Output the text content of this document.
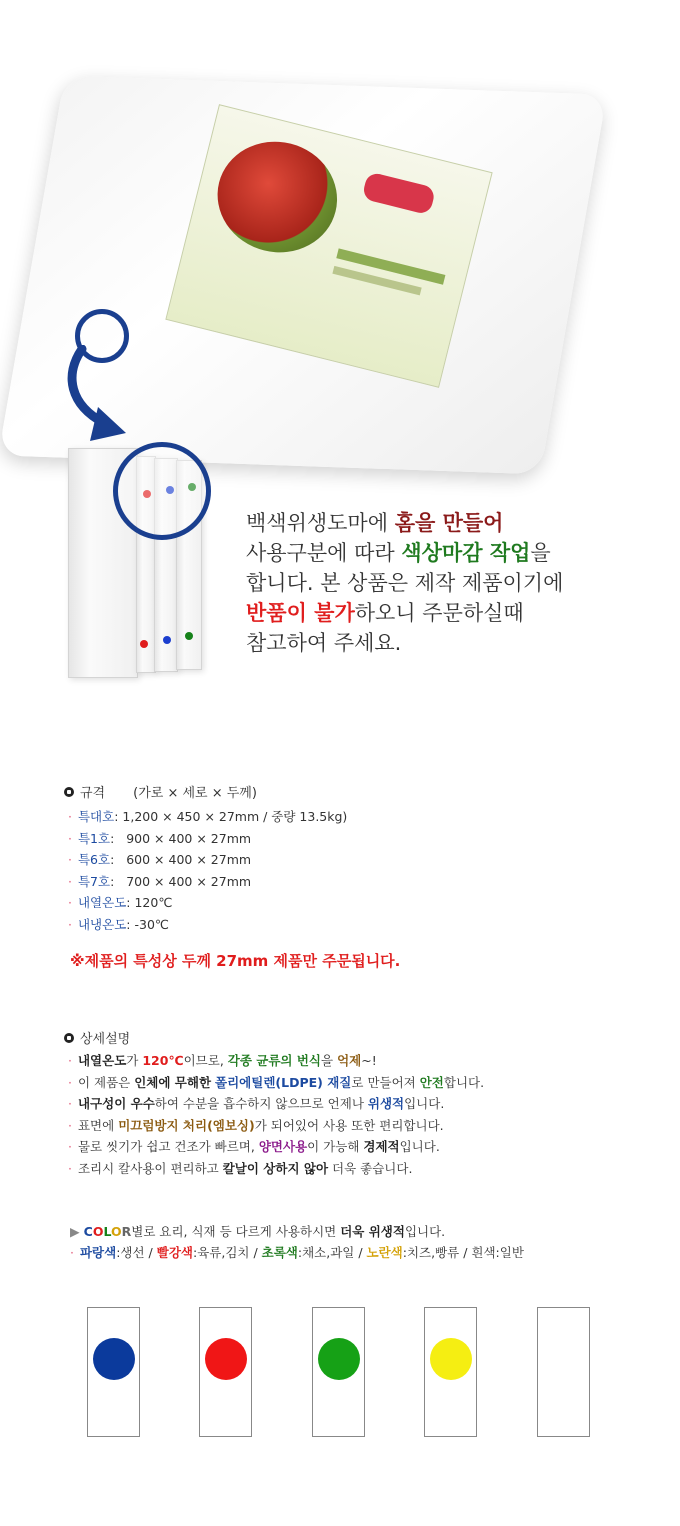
백색위생도마에 홈을 만들어
사용구분에 따라 색상마감 작업을
합니다. 본 상품은 제작 제품이기에
반품이 불가하오니 주문하실때
참고하여 주세요.
규격 (가로 × 세로 × 두께)
· 특대호: 1,200 × 450 × 27mm / 중량 13.5kg)
· 특1호:   900 × 400 × 27mm
· 특6호:   600 × 400 × 27mm
· 특7호:   700 × 400 × 27mm
· 내열온도: 120℃
· 내냉온도: -30℃
※제품의 특성상 두께 27mm 제품만 주문됩니다.
상세설명
· 내열온도가 120℃이므로, 각종 균류의 번식을 억제~!
· 이 제품은 인체에 무해한 폴리에틸렌(LDPE) 재질로 만들어져 안전합니다.
· 내구성이 우수하여 수분을 흡수하지 않으므로 언제나 위생적입니다.
· 표면에 미끄럼방지 처리(엠보싱)가 되어있어 사용 또한 편리합니다.
· 물로 씻기가 쉽고 건조가 빠르며, 양면사용이 가능해 경제적입니다.
· 조리시 칼사용이 편리하고 칼날이 상하지 않아 더욱 좋습니다.
▶ COLOR별로 요리, 식재 등 다르게 사용하시면 더욱 위생적입니다.
· 파랑색:생선 / 빨강색:육류,김치 / 초록색:채소,과일 / 노란색:치즈,빵류 / 흰색:일반
